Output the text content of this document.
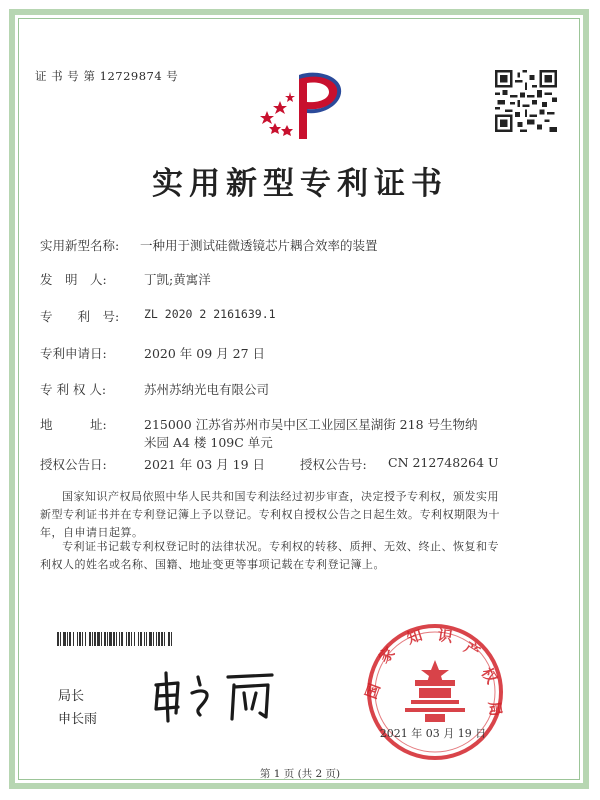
证 书 号 第 12729874 号
实用新型专利证书
实用新型名称: 一种用于测试硅微透镜芯片耦合效率的装置
发　明　人:	丁凯;黄寓洋
专　　利　号: ZL 2020 2 2161639.1
专利申请日:	2020 年 09 月 27 日
专 利 权 人:	苏州苏纳光电有限公司
地　　　址:	215000 江苏省苏州市吴中区工业园区星湖街 218 号生物纳
米园 A4 楼 109C 单元
授权公告日:	2021 年 03 月 19 日	授权公告号: CN 212748264 U
国家知识产权局依照中华人民共和国专利法经过初步审查，决定授予专利权，颁发实用
新型专利证书并在专利登记簿上予以登记。专利权自授权公告之日起生效。专利权期限为十
年，自申请日起算。
专利证书记载专利权登记时的法律状况。专利权的转移、质押、无效、终止、恢复和专
利权人的姓名或名称、国籍、地址变更等事项记载在专利登记簿上。
国
家
知 识
产
权
局
2021 年 03 月 19 日
局长
申长雨
第 1 页 (共 2 页)
